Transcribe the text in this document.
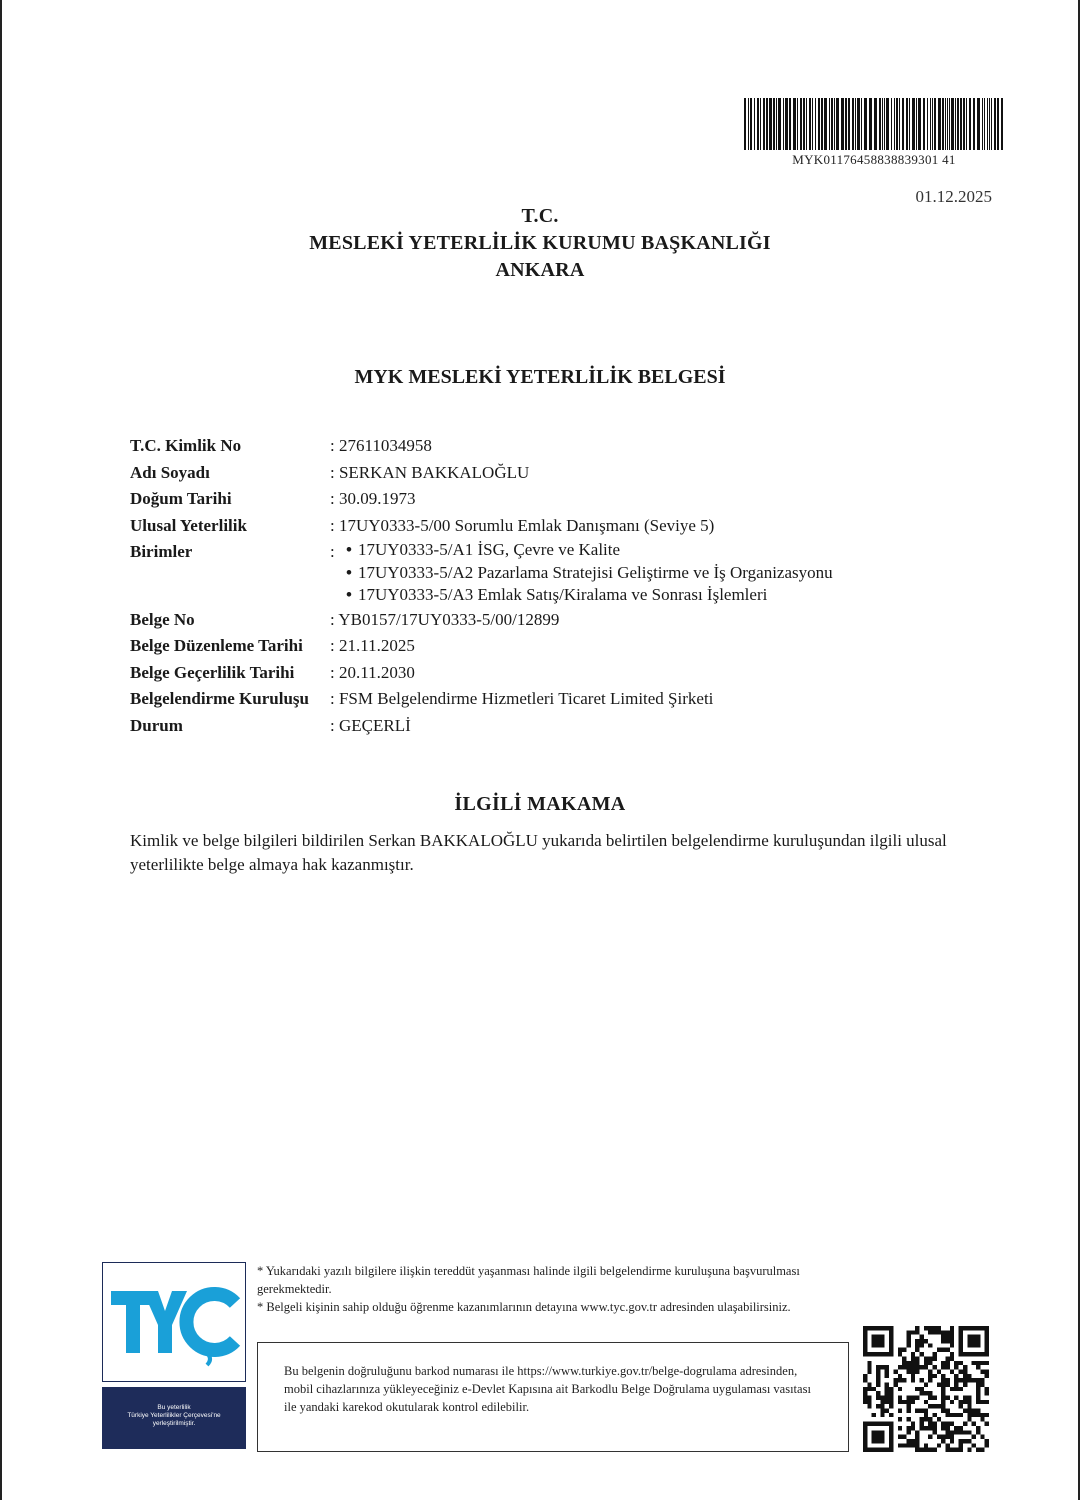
MYK01176458838839301 41
01.12.2025
T.C.
MESLEKİ YETERLİLİK KURUMU BAŞKANLIĞI
ANKARA
MYK MESLEKİ YETERLİLİK BELGESİ
T.C. Kimlik No	: 27611034958
Adı Soyadı	: SERKAN BAKKALOĞLU
Doğum Tarihi	: 30.09.1973
Ulusal Yeterlilik	: 17UY0333-5/00 Sorumlu Emlak Danışmanı (Seviye 5)
Birimler	: • 17UY0333-5/A1 İSG, Çevre ve Kalite
• 17UY0333-5/A2 Pazarlama Stratejisi Geliştirme ve İş Organizasyonu
• 17UY0333-5/A3 Emlak Satış/Kiralama ve Sonrası İşlemleri
Belge No	: YB0157/17UY0333-5/00/12899
Belge Düzenleme Tarihi	: 21.11.2025
Belge Geçerlilik Tarihi	: 20.11.2030
Belgelendirme Kuruluşu	: FSM Belgelendirme Hizmetleri Ticaret Limited Şirketi
Durum	: GEÇERLİ
İLGİLİ MAKAMA
Kimlik ve belge bilgileri bildirilen Serkan BAKKALOĞLU yukarıda belirtilen belgelendirme kuruluşundan ilgili ulusal yeterlilikte belge almaya hak kazanmıştır.
Bu yeterlilik
Türkiye Yeterlilikler Çerçevesi'ne
yerleştirilmiştir.

* Yukarıdaki yazılı bilgilere ilişkin tereddüt yaşanması halinde ilgili belgelendirme kuruluşuna başvurulması gerekmektedir.

* Belgeli kişinin sahip olduğu öğrenme kazanımlarının detayına www.tyc.gov.tr adresinden ulaşabilirsiniz.

Bu belgenin doğruluğunu barkod numarası ile https://www.turkiye.gov.tr/belge-dogrulama adresinden, mobil cihazlarınıza yükleyeceğiniz e-Devlet Kapısına ait Barkodlu Belge Doğrulama uygulaması vasıtası ile yandaki karekod okutularak kontrol edilebilir.
